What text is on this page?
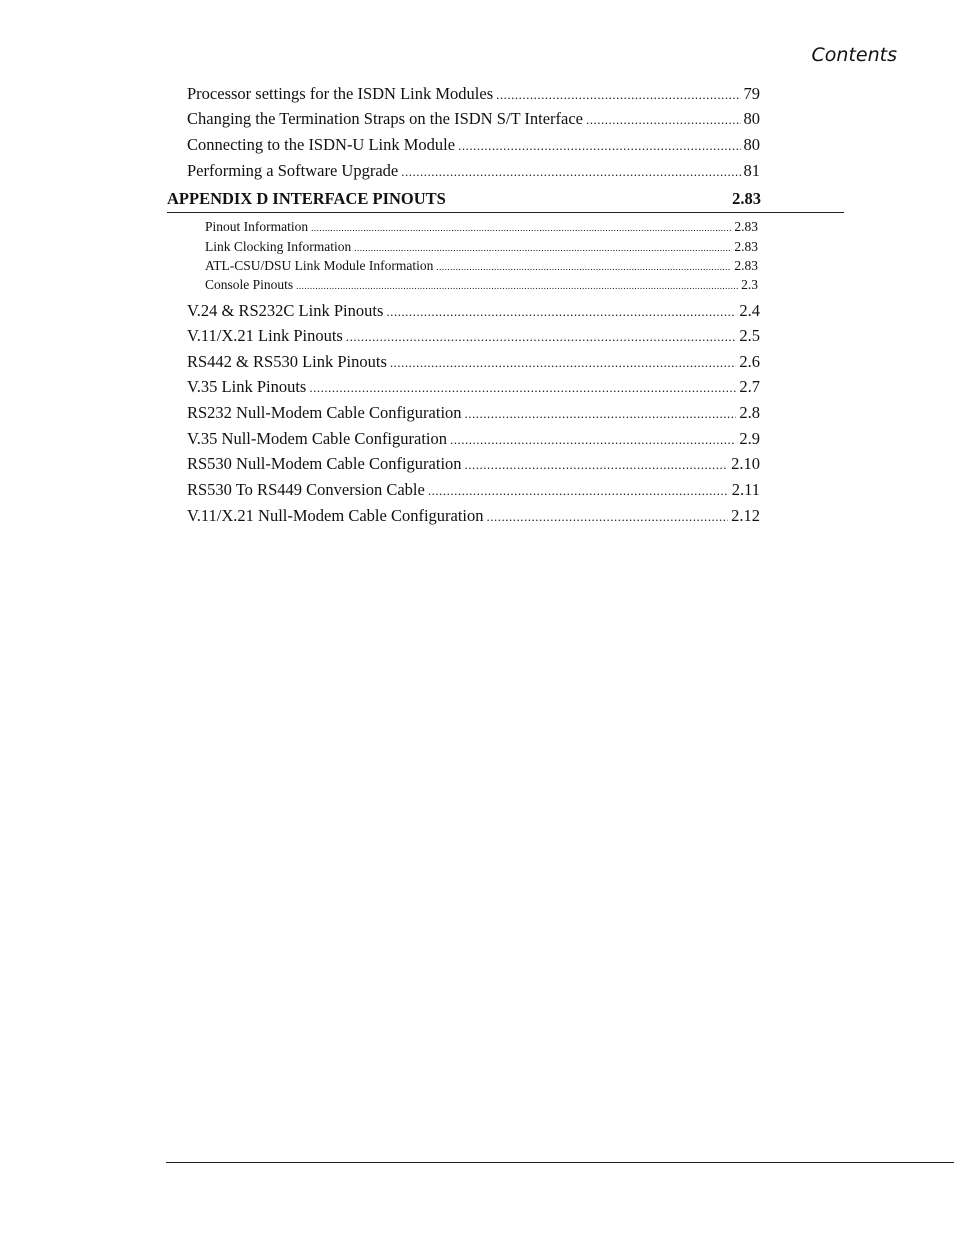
Contents
Processor settings for the ISDN Link Modules .....	79
Changing the Termination Straps on the ISDN S/T Interface .....	80
Connecting to the ISDN-U Link Module .....	80
Performing a Software Upgrade .....	81
APPENDIX D INTERFACE PINOUTS	2.83
Pinout Information .....	2.83
Link Clocking Information .....	2.83
ATL-CSU/DSU Link Module Information .....	2.83
Console Pinouts .....	2.3
V.24 & RS232C Link Pinouts .....	2.4
V.11/X.21 Link Pinouts .....	2.5
RS442 & RS530 Link Pinouts .....	2.6
V.35 Link Pinouts .....	2.7
RS232 Null-Modem Cable Configuration .....	2.8
V.35 Null-Modem Cable Configuration .....	2.9
RS530 Null-Modem Cable Configuration .....	2.10
RS530 To RS449 Conversion Cable .....	2.11
V.11/X.21 Null-Modem Cable Configuration .....	2.12
